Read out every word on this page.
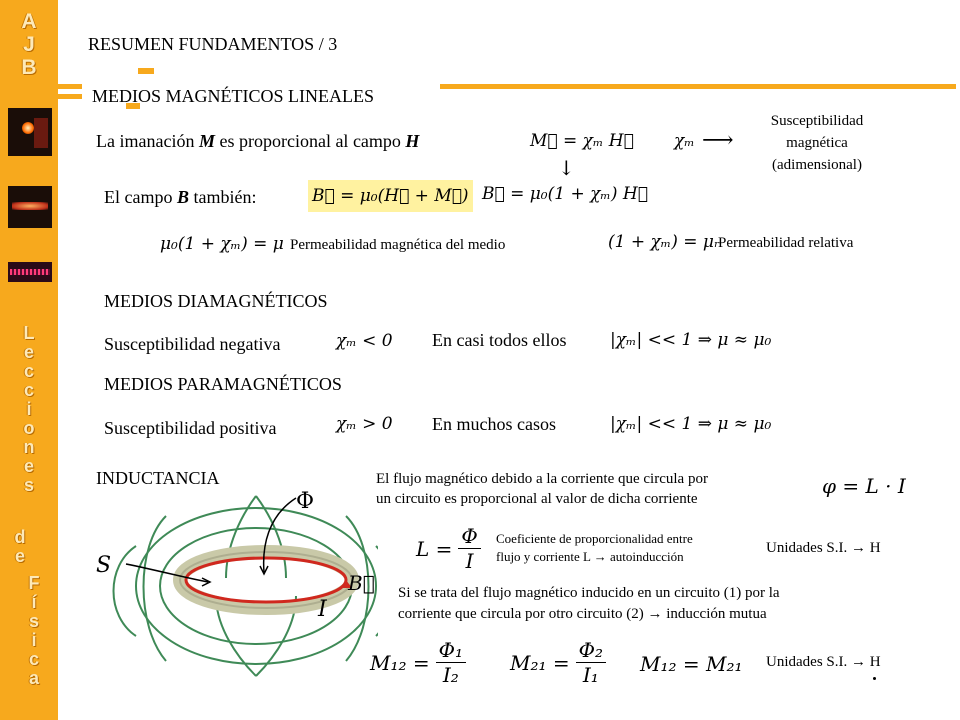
A
J
B
L
e
c
c
i
o
n
e
s
d
e
F
í
s
i
c
a
RESUMEN FUNDAMENTOS / 3
MEDIOS MAGNÉTICOS LINEALES
La imanación M es proporcional al campo H	M⃗ = χₘ H⃗
↓
χₘ ⟶
Susceptibilidad
magnética
(adimensional)
El campo B también:	B⃗ = μ₀(H⃗ + M⃗) B⃗ = μ₀(1 + χₘ) H⃗
μ₀(1 + χₘ) = μ Permeabilidad magnética del medio	(1 + χₘ) = μᵣ
Permeabilidad relativa
MEDIOS DIAMAGNÉTICOS
Susceptibilidad negativa	χₘ < 0 En casi todos ellos	|χₘ| << 1 ⇒ μ ≈ μ₀
MEDIOS PARAMAGNÉTICOS
Susceptibilidad positiva	χₘ > 0 En muchos casos	|χₘ| << 1 ⇒ μ ≈ μ₀
INDUCTANCIA	El flujo magnético debido a la corriente que circula por
un circuito es proporcional al valor de dicha corriente
φ = L · I
$L = \frac{\Phi}{I}$ Coeficiente de proporcionalidad entre
flujo y corriente L → autoinducción
Unidades S.I. → H
Si se trata del flujo magnético inducido en un circuito (1) por la
corriente que circula por otro circuito (2) → inducción mutua
$M_{12} = \frac{\text{Φ₁}}{\text{I₂}} M_{21} = \frac{\text{Φ₂}}{\text{I₁}} M_{12} = M_{21}$ Unidades S.I. → H
S
Φ
B⃗
I
